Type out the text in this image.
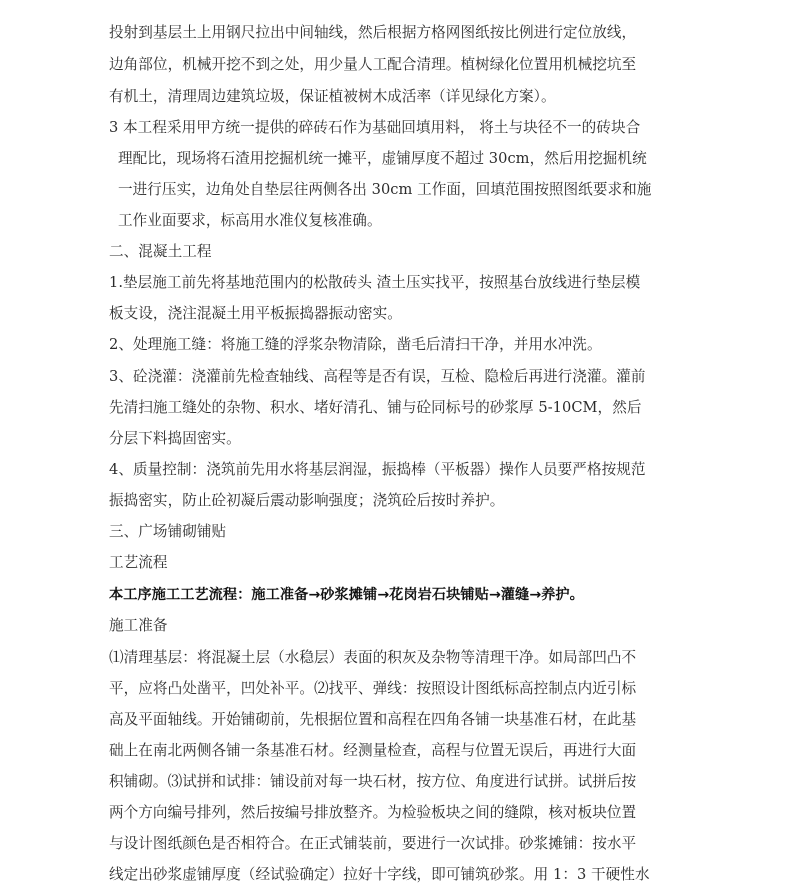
投射到基层土上用钢尺拉出中间轴线，然后根据方格网图纸按比例进行定位放线，
边角部位，机械开挖不到之处，用少量人工配合清理。植树绿化位置用机械挖坑至
有机土，清理周边建筑垃圾，保证植被树木成活率（详见绿化方案）。
3 本工程采用甲方统一提供的碎砖石作为基础回填用料， 将土与块径不一的砖块合
理配比，现场将石渣用挖掘机统一摊平，虚铺厚度不超过 30cm，然后用挖掘机统
一进行压实，边角处自垫层往两侧各出 30cm 工作面，回填范围按照图纸要求和施
工作业面要求，标高用水准仪复核准确。
二、混凝土工程
1.垫层施工前先将基地范围内的松散砖头 渣土压实找平，按照基台放线进行垫层模
板支设，浇注混凝土用平板振捣器振动密实。
2、处理施工缝：将施工缝的浮浆杂物清除，凿毛后清扫干净，并用水冲洗。
3、砼浇灌：浇灌前先检查轴线、高程等是否有误，互检、隐检后再进行浇灌。灌前
先清扫施工缝处的杂物、积水、堵好清孔、铺与砼同标号的砂浆厚 5-10CM，然后
分层下料捣固密实。
4、质量控制：浇筑前先用水将基层润湿，振捣棒（平板器）操作人员要严格按规范
振捣密实，防止砼初凝后震动影响强度；浇筑砼后按时养护。
三、广场铺砌铺贴
工艺流程
本工序施工工艺流程：施工准备→砂浆摊铺→花岗岩石块铺贴→灌缝→养护。
施工准备
⑴清理基层：将混凝土层（水稳层）表面的积灰及杂物等清理干净。如局部凹凸不
平，应将凸处凿平，凹处补平。⑵找平、弹线：按照设计图纸标高控制点内近引标
高及平面轴线。开始铺砌前，先根据位置和高程在四角各铺一块基准石材，在此基
础上在南北两侧各铺一条基准石材。经测量检查，高程与位置无误后，再进行大面
积铺砌。⑶试拼和试排：铺设前对每一块石材，按方位、角度进行试拼。试拼后按
两个方向编号排列，然后按编号排放整齐。为检验板块之间的缝隙，核对板块位置
与设计图纸颜色是否相符合。在正式铺装前，要进行一次试排。砂浆摊铺：按水平
线定出砂浆虚铺厚度（经试验确定）拉好十字线，即可铺筑砂浆。用 1：3 干硬性水
